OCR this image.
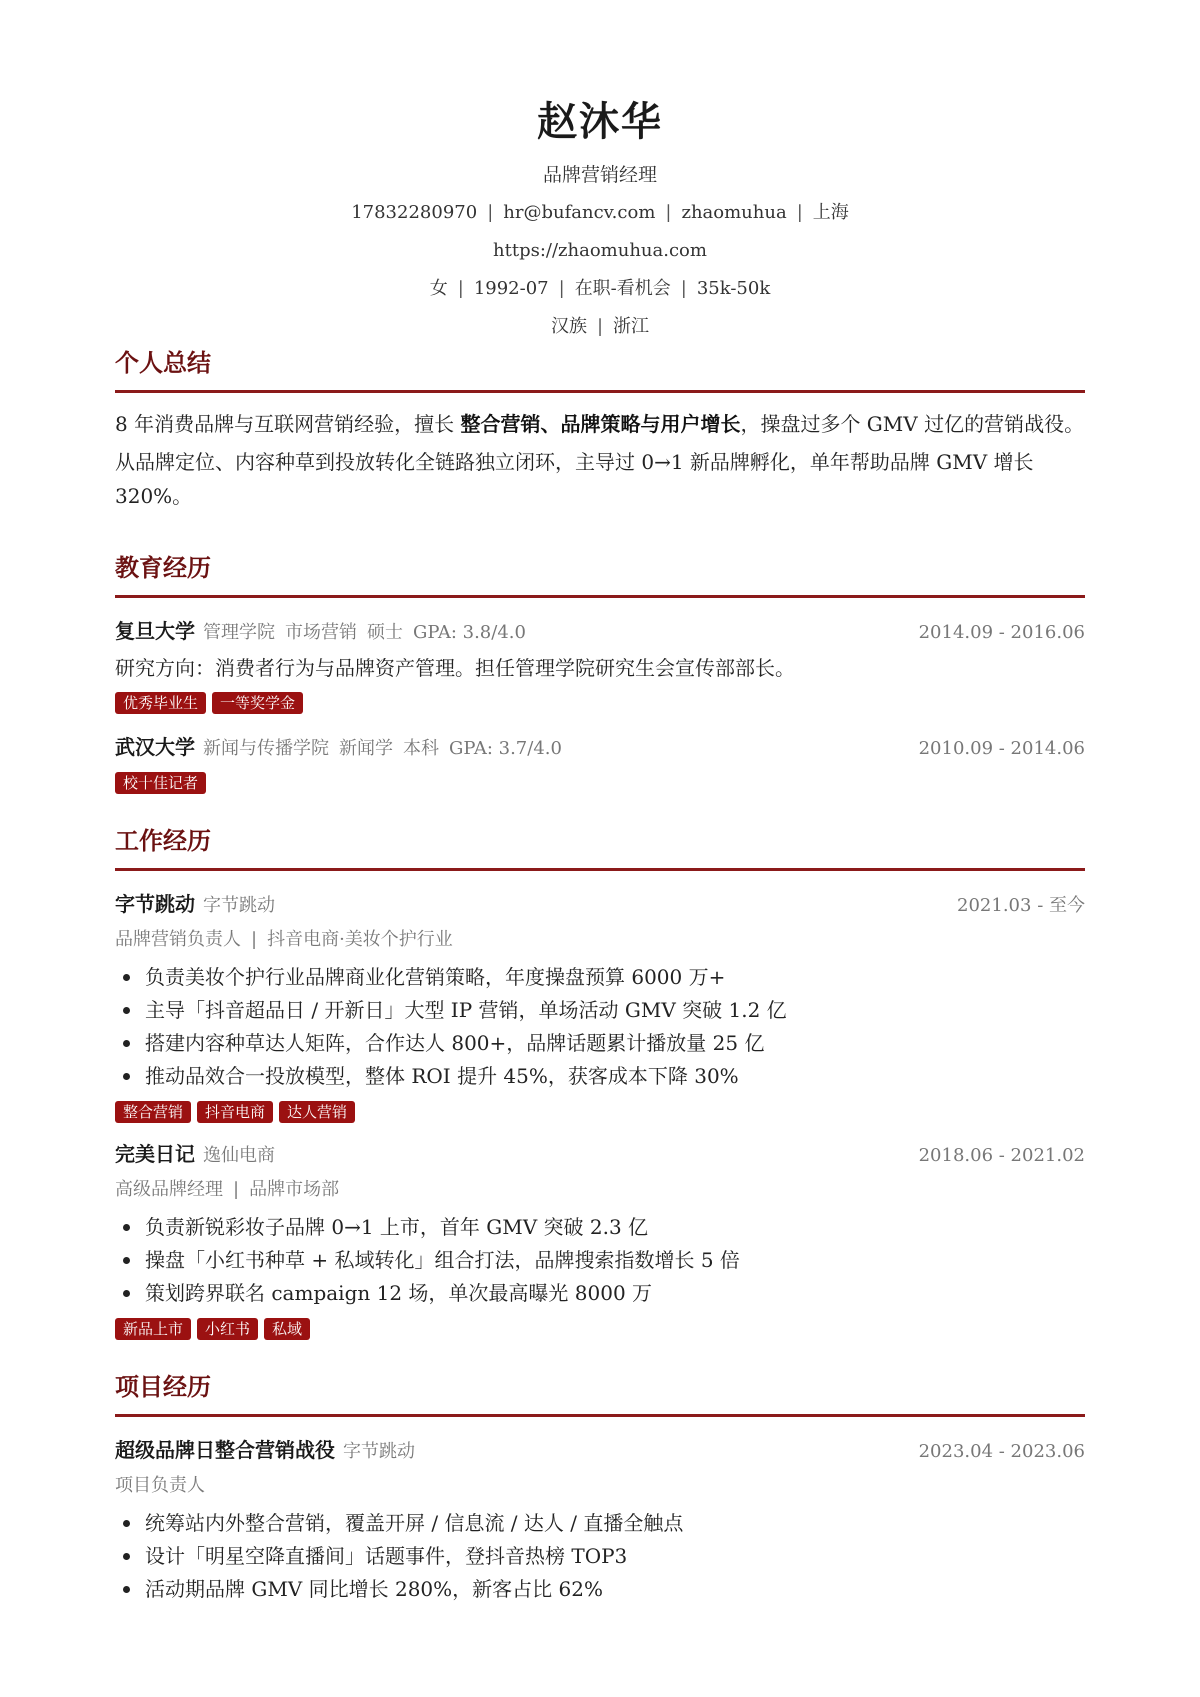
赵沐华
品牌营销经理
17832280970 | hr@bufancv.com | zhaomuhua | 上海
https://zhaomuhua.com
女 | 1992-07 | 在职-看机会 | 35k-50k
汉族 | 浙江
个人总结

8 年消费品牌与互联网营销经验，擅长 整合营销、品牌策略与用户增长，操盘过多个 GMV 过亿的营销战役。

从品牌定位、内容种草到投放转化全链路独立闭环，主导过 0→1 新品牌孵化，单年帮助品牌 GMV 增长 320%。

教育经历
复旦大学 管理学院 市场营销 硕士 GPA: 3.8/4.0	2014.09 - 2016.06
研究方向：消费者行为与品牌资产管理。担任管理学院研究生会宣传部部长。
优秀毕业生	一等奖学金
武汉大学 新闻与传播学院 新闻学 本科 GPA: 3.7/4.0	2010.09 - 2014.06
校十佳记者
工作经历
字节跳动 字节跳动	2021.03 - 至今
品牌营销负责人 | 抖音电商·美妆个护行业
负责美妆个护行业品牌商业化营销策略，年度操盘预算 6000 万+
主导「抖音超品日 / 开新日」大型 IP 营销，单场活动 GMV 突破 1.2 亿
搭建内容种草达人矩阵，合作达人 800+，品牌话题累计播放量 25 亿
推动品效合一投放模型，整体 ROI 提升 45%，获客成本下降 30%
整合营销	抖音电商	达人营销
完美日记 逸仙电商	2018.06 - 2021.02
高级品牌经理 | 品牌市场部
负责新锐彩妆子品牌 0→1 上市，首年 GMV 突破 2.3 亿
操盘「小红书种草 + 私域转化」组合打法，品牌搜索指数增长 5 倍
策划跨界联名 campaign 12 场，单次最高曝光 8000 万
新品上市	小红书	私域
项目经历
超级品牌日整合营销战役 字节跳动	2023.04 - 2023.06
项目负责人
统筹站内外整合营销，覆盖开屏 / 信息流 / 达人 / 直播全触点
设计「明星空降直播间」话题事件，登抖音热榜 TOP3
活动期品牌 GMV 同比增长 280%，新客占比 62%
